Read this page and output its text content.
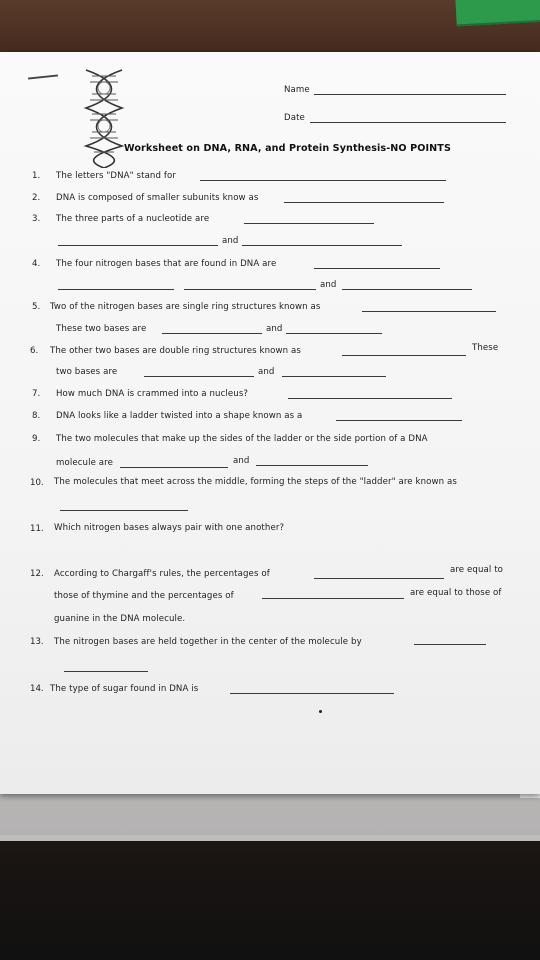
Name
Date
Worksheet on DNA, RNA, and Protein Synthesis-NO POINTS
1. The letters "DNA" stand for
2. DNA is composed of smaller subunits know as
3. The three parts of a nucleotide are
and
4. The four nitrogen bases that are found in DNA are
and
5. Two of the nitrogen bases are single ring structures known as
These two bases are	and
6. The other two bases are double ring structures known as	These
two bases are	and
7. How much DNA is crammed into a nucleus?
8. DNA looks like a ladder twisted into a shape known as a
9. The two molecules that make up the sides of the ladder or the side portion of a DNA
molecule are	and
10. The molecules that meet across the middle, forming the steps of the "ladder" are known as
11. Which nitrogen bases always pair with one another?
12. According to Chargaff's rules, the percentages of	are equal to
those of thymine and the percentages of	are equal to those of
guanine in the DNA molecule.
13. The nitrogen bases are held together in the center of the molecule by
14. The type of sugar found in DNA is
